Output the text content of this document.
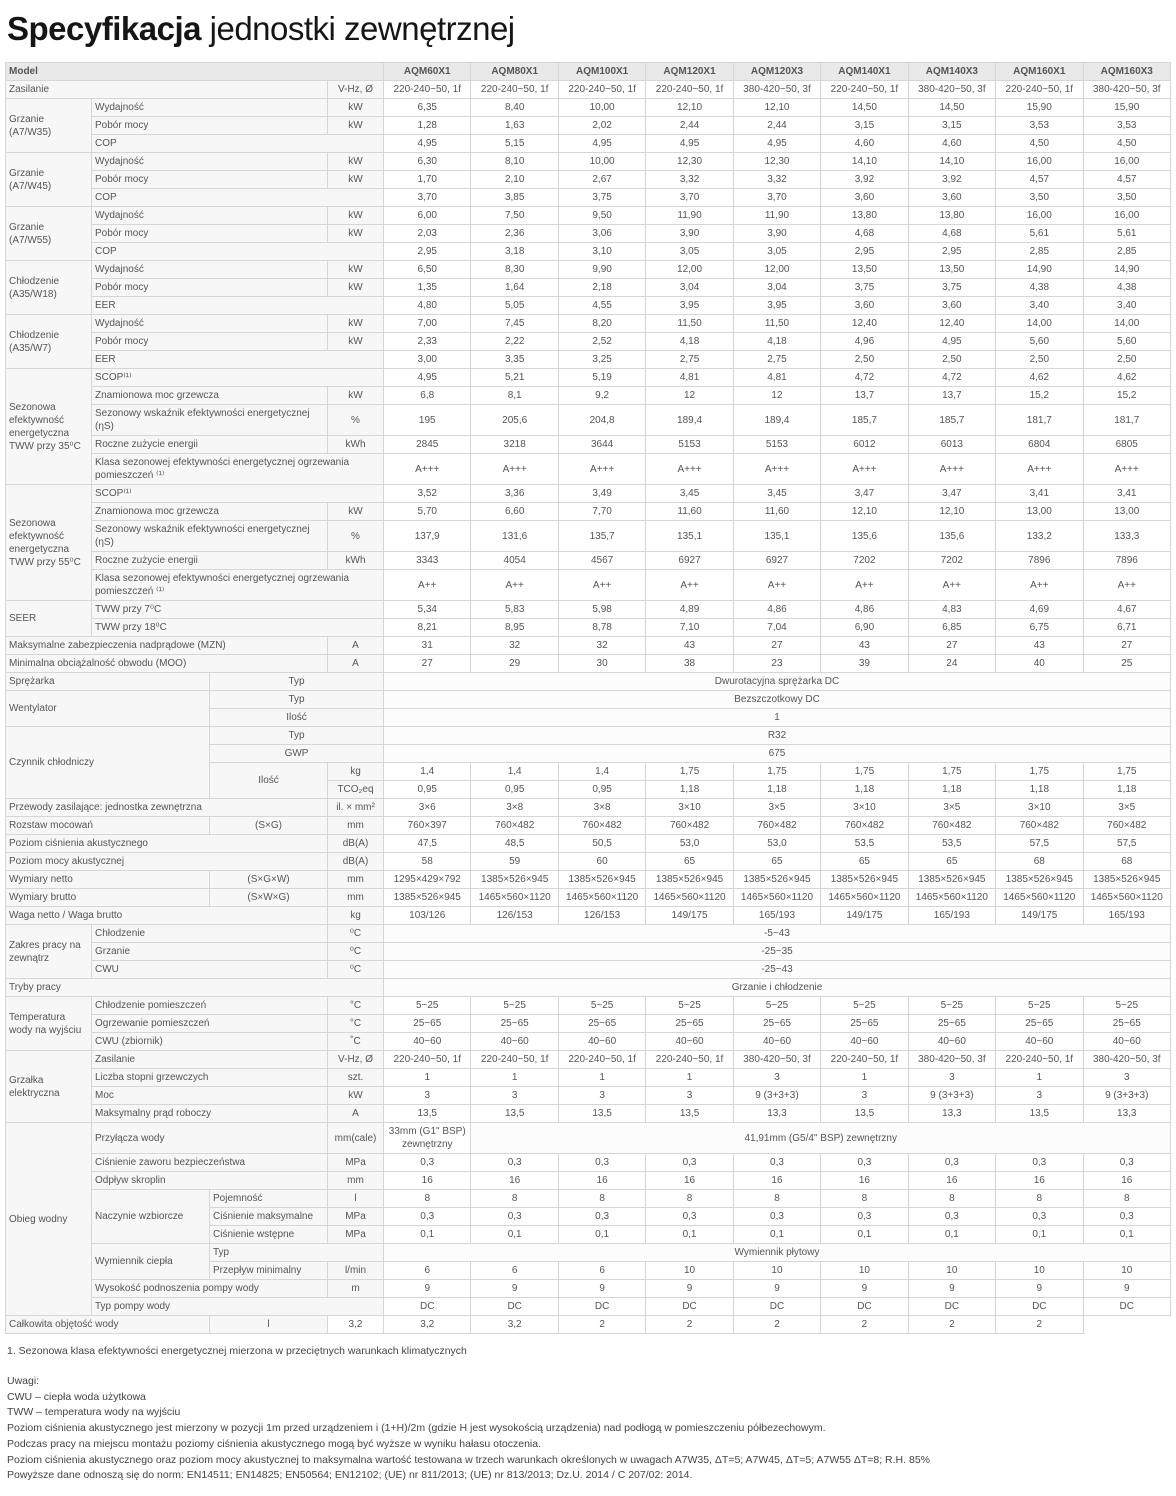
Specyfikacja jednostki zewnętrznej
Model				AQM60X1	AQM80X1	AQM100X1	AQM120X1	AQM120X3	AQM140X1	AQM140X3	AQM160X1	AQM160X3
Zasilanie			V-Hz, Ø	220-240~50, 1f	220-240~50, 1f	220-240~50, 1f	220-240~50, 1f	380-420~50, 3f	220-240~50, 1f	380-420~50, 3f	220-240~50, 1f	380-420~50, 3f
Grzanie (A7/W35)	Wydajność		kW	6,35	8,40	10,00	12,10	12,10	14,50	14,50	15,90	15,90
	Pobór mocy		kW	1,28	1,63	2,02	2,44	2,44	3,15	3,15	3,53	3,53
	COP			4,95	5,15	4,95	4,95	4,95	4,60	4,60	4,50	4,50
Grzanie (A7/W45)	Wydajność		kW	6,30	8,10	10,00	12,30	12,30	14,10	14,10	16,00	16,00
	Pobór mocy		kW	1,70	2,10	2,67	3,32	3,32	3,92	3,92	4,57	4,57
	COP			3,70	3,85	3,75	3,70	3,70	3,60	3,60	3,50	3,50
Grzanie (A7/W55)	Wydajność		kW	6,00	7,50	9,50	11,90	11,90	13,80	13,80	16,00	16,00
	Pobór mocy		kW	2,03	2,36	3,06	3,90	3,90	4,68	4,68	5,61	5,61
	COP			2,95	3,18	3,10	3,05	3,05	2,95	2,95	2,85	2,85
Chłodzenie (A35/W18)	Wydajność		kW	6,50	8,30	9,90	12,00	12,00	13,50	13,50	14,90	14,90
	Pobór mocy		kW	1,35	1,64	2,18	3,04	3,04	3,75	3,75	4,38	4,38
	EER			4,80	5,05	4,55	3,95	3,95	3,60	3,60	3,40	3,40
Chłodzenie (A35/W7)	Wydajność		kW	7,00	7,45	8,20	11,50	11,50	12,40	12,40	14,00	14,00
	Pobór mocy		kW	2,33	2,22	2,52	4,18	4,18	4,96	4,95	5,60	5,60
	EER			3,00	3,35	3,25	2,75	2,75	2,50	2,50	2,50	2,50
Sezonowa efektywność energetyczna TWW przy 35⁰C	SCOP⁽¹⁾			4,95	5,21	5,19	4,81	4,81	4,72	4,72	4,62	4,62
	Znamionowa moc grzewcza		kW	6,8	8,1	9,2	12	12	13,7	13,7	15,2	15,2
	Sezonowy wskaźnik efektywności energetycznej (ηS)		%	195	205,6	204,8	189,4	189,4	185,7	185,7	181,7	181,7
	Roczne zużycie energii		kWh	2845	3218	3644	5153	5153	6012	6013	6804	6805
	Klasa sezonowej efektywności energetycznej ogrzewania pomieszczeń ⁽¹⁾			A+++	A+++	A+++	A+++	A+++	A+++	A+++	A+++	A+++
Sezonowa efektywność energetyczna TWW przy 55⁰C	SCOP⁽¹⁾			3,52	3,36	3,49	3,45	3,45	3,47	3,47	3,41	3,41
	Znamionowa moc grzewcza		kW	5,70	6,60	7,70	11,60	11,60	12,10	12,10	13,00	13,00
	Sezonowy wskaźnik efektywności energetycznej (ηS)		%	137,9	131,6	135,7	135,1	135,1	135,6	135,6	133,2	133,3
	Roczne zużycie energii		kWh	3343	4054	4567	6927	6927	7202	7202	7896	7896
	Klasa sezonowej efektywności energetycznej ogrzewania pomieszczeń ⁽¹⁾			A++	A++	A++	A++	A++	A++	A++	A++	A++
SEER	TWW przy 7⁰C			5,34	5,83	5,98	4,89	4,86	4,86	4,83	4,69	4,67
	TWW przy 18⁰C			8,21	8,95	8,78	7,10	7,04	6,90	6,85	6,75	6,71
Maksymalne zabezpieczenia nadprądowe (MZN)			A	31	32	32	43	27	43	27	43	27
Minimalna obciążalność obwodu (MOO)			A	27	29	30	38	23	39	24	40	25
Sprężarka		Typ		Dwurotacyjna sprężarka DC								
Wentylator		Typ		Bezszczotkowy DC								
		Ilość		1								
Czynnik chłodniczy		Typ		R32								
		GWP		675								
		Ilość	kg	1,4	1,4	1,4	1,75	1,75	1,75	1,75	1,75	1,75
			TCO₂eq	0,95	0,95	0,95	1,18	1,18	1,18	1,18	1,18	1,18
Przewody zasilające: jednostka zewnętrzna			il. × mm²	3×6	3×8	3×8	3×10	3×5	3×10	3×5	3×10	3×5
Rozstaw mocowań		(S×G)	mm	760×397	760×482	760×482	760×482	760×482	760×482	760×482	760×482	760×482
Poziom ciśnienia akustycznego			dB(A)	47,5	48,5	50,5	53,0	53,0	53,5	53,5	57,5	57,5
Poziom mocy akustycznej			dB(A)	58	59	60	65	65	65	65	68	68
Wymiary netto		(S×G×W)	mm	1295×429×792	1385×526×945	1385×526×945	1385×526×945	1385×526×945	1385×526×945	1385×526×945	1385×526×945	1385×526×945
Wymiary brutto		(S×W×G)	mm	1385×526×945	1465×560×1120	1465×560×1120	1465×560×1120	1465×560×1120	1465×560×1120	1465×560×1120	1465×560×1120	1465×560×1120
Waga netto / Waga brutto			kg	103/126	126/153	126/153	149/175	165/193	149/175	165/193	149/175	165/193
Zakres pracy na zewnątrz	Chłodzenie		⁰C	-5~43								
	Grzanie		⁰C	-25~35								
	CWU		⁰C	-25~43								
Tryby pracy				Grzanie i chłodzenie								
Temperatura wody na wyjściu	Chłodzenie pomieszczeń		°C	5~25	5~25	5~25	5~25	5~25	5~25	5~25	5~25	5~25
	Ogrzewanie pomieszczeń		°C	25~65	25~65	25~65	25~65	25~65	25~65	25~65	25~65	25~65
	CWU (zbiornik)		˚C	40~60	40~60	40~60	40~60	40~60	40~60	40~60	40~60	40~60
Grzałka elektryczna	Zasilanie		V-Hz, Ø	220-240~50, 1f	220-240~50, 1f	220-240~50, 1f	220-240~50, 1f	380-420~50, 3f	220-240~50, 1f	380-420~50, 3f	220-240~50, 1f	380-420~50, 3f
	Liczba stopni grzewczych		szt.	1	1	1	1	3	1	3	1	3
	Moc		kW	3	3	3	3	9 (3+3+3)	3	9 (3+3+3)	3	9 (3+3+3)
	Maksymalny prąd roboczy		A	13,5	13,5	13,5	13,5	13,3	13,5	13,3	13,5	13,3
Obieg wodny	Przyłącza wody		mm(cale)	33mm (G1" BSP) zewnętrzny	41,91mm (G5/4" BSP) zewnętrzny							
	Ciśnienie zaworu bezpieczeństwa		MPa	0,3	0,3	0,3	0,3	0,3	0,3	0,3	0,3	0,3
	Odpływ skroplin		mm	16	16	16	16	16	16	16	16	16
	Naczynie wzbiorcze	Pojemność	l	8	8	8	8	8	8	8	8	8
		Ciśnienie maksymalne	MPa	0,3	0,3	0,3	0,3	0,3	0,3	0,3	0,3	0,3
		Ciśnienie wstępne	MPa	0,1	0,1	0,1	0,1	0,1	0,1	0,1	0,1	0,1
	Wymiennik ciepła	Typ		Wymiennik płytowy								
		Przepływ minimalny	l/min	6	6	6	10	10	10	10	10	10
	Wysokość podnoszenia pompy wody		m	9	9	9	9	9	9	9	9	9
	Typ pompy wody			DC	DC	DC	DC	DC	DC	DC	DC	DC
Całkowita objętość wody		l	3,2	3,2	3,2	2	2	2	2	2	2	

1. Sezonowa klasa efektywności energetycznej mierzona w przeciętnych warunkach klimatycznych

Uwagi:

CWU – ciepła woda użytkowa

TWW – temperatura wody na wyjściu

Poziom ciśnienia akustycznego jest mierzony w pozycji 1m przed urządzeniem i (1+H)/2m (gdzie H jest wysokością urządzenia) nad podłogą w pomieszczeniu półbezechowym.

Podczas pracy na miejscu montażu poziomy ciśnienia akustycznego mogą być wyższe w wyniku hałasu otoczenia.

Poziom ciśnienia akustycznego oraz poziom mocy akustycznej to maksymalna wartość testowana w trzech warunkach określonych w uwagach A7W35, ΔT=5; A7W45, ΔT=5; A7W55 ΔT=8; R.H. 85%

Powyższe dane odnoszą się do norm: EN14511; EN14825; EN50564; EN12102; (UE) nr 811/2013; (UE) nr 813/2013; Dz.U. 2014 / C 207/02: 2014.
